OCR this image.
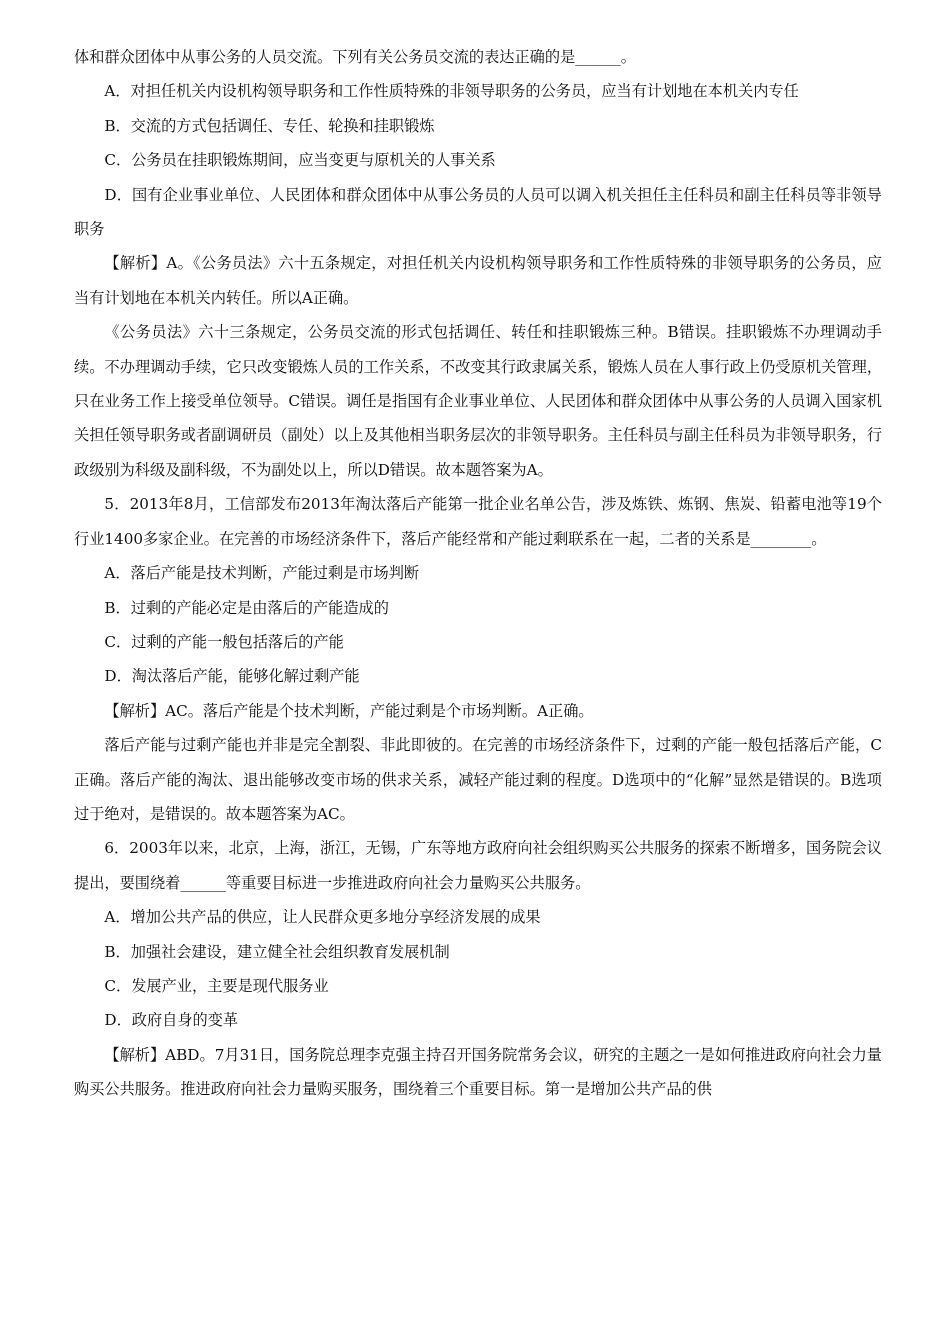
体和群众团体中从事公务的人员交流。下列有关公务员交流的表达正确的是______。

A．对担任机关内设机构领导职务和工作性质特殊的非领导职务的公务员，应当有计划地在本机关内专任

B．交流的方式包括调任、专任、轮换和挂职锻炼

C．公务员在挂职锻炼期间，应当变更与原机关的人事关系

D．国有企业事业单位、人民团体和群众团体中从事公务员的人员可以调入机关担任主任科员和副主任科员等非领导职务

【解析】A。《公务员法》六十五条规定，对担任机关内设机构领导职务和工作性质特殊的非领导职务的公务员，应当有计划地在本机关内转任。所以A正确。

《公务员法》六十三条规定，公务员交流的形式包括调任、转任和挂职锻炼三种。B错误。挂职锻炼不办理调动手续。不办理调动手续，它只改变锻炼人员的工作关系，不改变其行政隶属关系，锻炼人员在人事行政上仍受原机关管理，只在业务工作上接受单位领导。C错误。调任是指国有企业事业单位、人民团体和群众团体中从事公务的人员调入国家机关担任领导职务或者副调研员（副处）以上及其他相当职务层次的非领导职务。主任科员与副主任科员为非领导职务，行政级别为科级及副科级，不为副处以上，所以D错误。故本题答案为A。

5．2013年8月，工信部发布2013年淘汰落后产能第一批企业名单公告，涉及炼铁、炼钢、焦炭、铅蓄电池等19个行业1400多家企业。在完善的市场经济条件下，落后产能经常和产能过剩联系在一起，二者的关系是________。

A．落后产能是技术判断，产能过剩是市场判断

B．过剩的产能必定是由落后的产能造成的

C．过剩的产能一般包括落后的产能

D．淘汰落后产能，能够化解过剩产能

【解析】AC。落后产能是个技术判断，产能过剩是个市场判断。A正确。

落后产能与过剩产能也并非是完全割裂、非此即彼的。在完善的市场经济条件下，过剩的产能一般包括落后产能，C正确。落后产能的淘汰、退出能够改变市场的供求关系，减轻产能过剩的程度。D选项中的“化解”显然是错误的。B选项过于绝对，是错误的。故本题答案为AC。

6．2003年以来，北京，上海，浙江，无锡，广东等地方政府向社会组织购买公共服务的探索不断增多，国务院会议提出，要围绕着______等重要目标进一步推进政府向社会力量购买公共服务。

A．增加公共产品的供应，让人民群众更多地分享经济发展的成果

B．加强社会建设，建立健全社会组织教育发展机制

C．发展产业，主要是现代服务业

D．政府自身的变革

【解析】ABD。7月31日，国务院总理李克强主持召开国务院常务会议，研究的主题之一是如何推进政府向社会力量购买公共服务。推进政府向社会力量购买服务，围绕着三个重要目标。第一是增加公共产品的供
